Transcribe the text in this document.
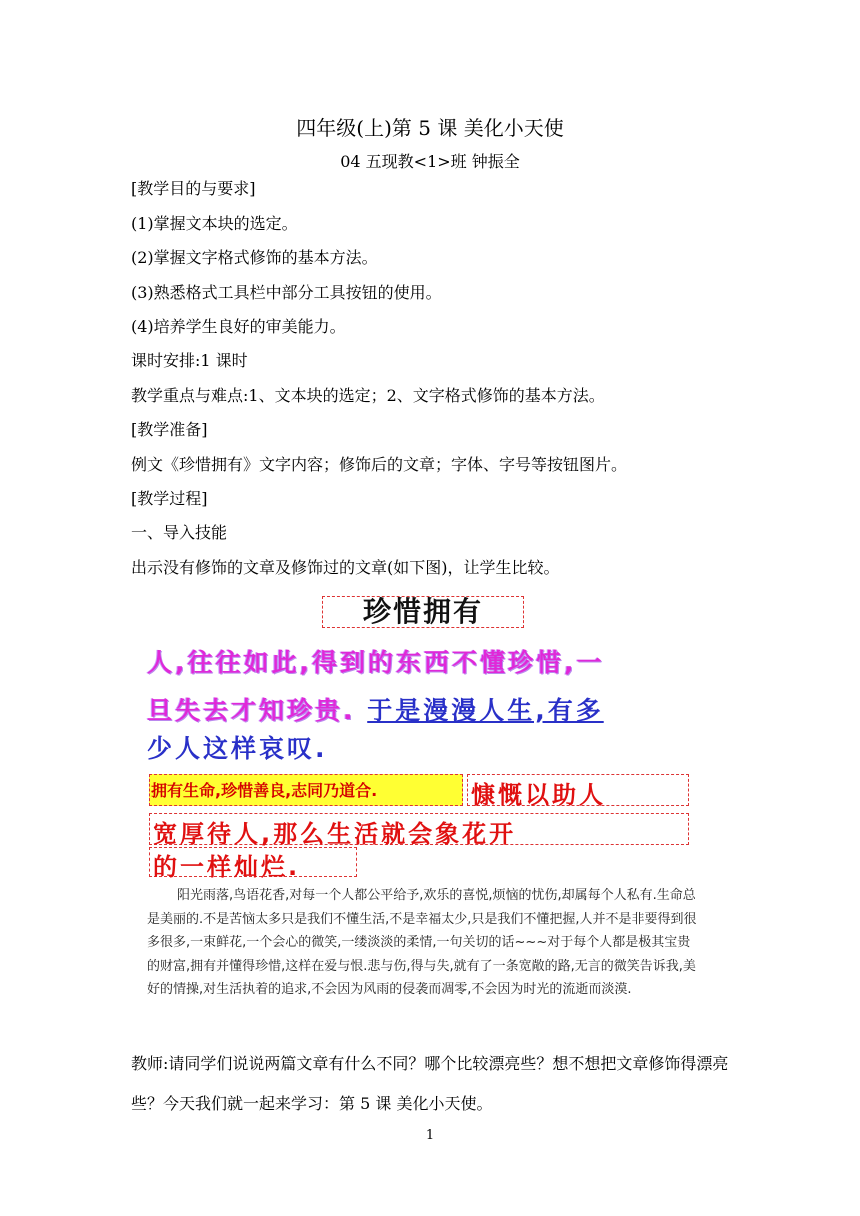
四年级(上)第 5 课 美化小天使
04 五现教<1>班 钟振全
[教学目的与要求]
(1)掌握文本块的选定。
(2)掌握文字格式修饰的基本方法。
(3)熟悉格式工具栏中部分工具按钮的使用。
(4)培养学生良好的审美能力。
课时安排:1 课时
教学重点与难点:1、文本块的选定；2、文字格式修饰的基本方法。
[教学准备]
例文《珍惜拥有》文字内容；修饰后的文章；字体、字号等按钮图片。
[教学过程]
一、导入技能
出示没有修饰的文章及修饰过的文章(如下图)，让学生比较。
珍惜拥有
人,往往如此,得到的东西不懂珍惜,一
旦失去才知珍贵. 于是漫漫人生,有多
少人这样哀叹.
拥有生命,珍惜善良,志同乃道合.	慷慨以助人
宽厚待人,那么生活就会象花开
的一样灿烂.
阳光雨落,鸟语花香,对每一个人都公平给予,欢乐的喜悦,烦恼的忧伤,却属每个人私有.生命总是美丽的.不是苦恼太多只是我们不懂生活,不是幸福太少,只是我们不懂把握,人并不是非要得到很多很多,一束鲜花,一个会心的微笑,一缕淡淡的柔情,一句关切的话~~~对于每个人都是极其宝贵的财富,拥有并懂得珍惜,这样在爱与恨.悲与伤,得与失,就有了一条宽敞的路,无言的微笑告诉我,美好的情操,对生活执着的追求,不会因为风雨的侵袭而凋零,不会因为时光的流逝而淡漠.
教师:请同学们说说两篇文章有什么不同？哪个比较漂亮些？想不想把文章修饰得漂亮些？今天我们就一起来学习：第 5 课 美化小天使。
1
